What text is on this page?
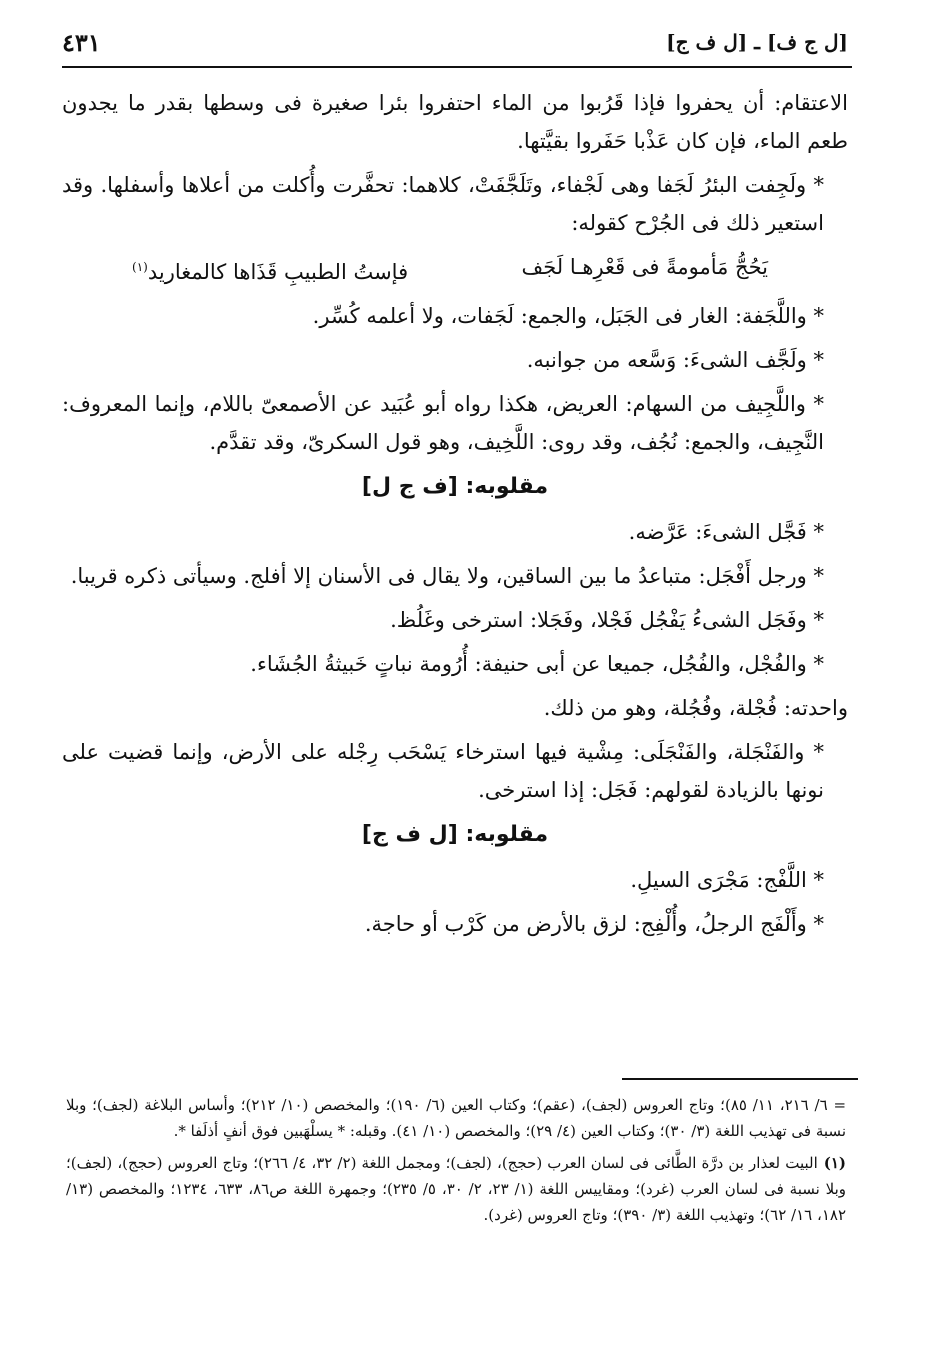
[ل ج ف] ـ [ل ف ج]
٤٣١

الاعتقام: أن يحفروا فإذا قَرُبوا من الماء احتفروا بئرا صغيرة فى وسطها بقدر ما يجدون طعم الماء، فإن كان عَذْبا حَفَروا بقيَّتها.

* ولَجِفت البئرُ لَجَفا وهى لَجْفاء، وتَلَجَّفَتْ، كلاهما: تحفَّرت وأُكلت من أعلاها وأسفلها. وقد استعير ذلك فى الجُرْح كقوله:

يَحُجُّ مَأمومةً فى قَعْرِهـا لَجَف
فإستُ الطبيبِ قَذَاها كالمغاريد$^{(١)}$

* واللَّجَفة: الغار فى الجَبَل، والجمع: لَجَفات، ولا أعلمه كُسِّر.

* ولَجَّف الشىءَ: وَسَّعه من جوانبه.

* واللَّجِيف من السهام: العريض، هكذا رواه أبو عُبَيد عن الأصمعىّ باللام، وإنما المعروف: النَّجِيف، والجمع: نُجُف، وقد روى: اللَّخِيف، وهو قول السكرىّ، وقد تقدَّم.

مقلوبه: [ف ج ل]

* فَجَّل الشىءَ: عَرَّضه.

* ورجل أَفْجَل: متباعدُ ما بين الساقين، ولا يقال فى الأسنان إلا أفلج. وسيأتى ذكره قريبا.

* وفَجَل الشىءُ يَفْجُل فَجْلا، وفَجَلا: استرخى وغَلُظ.

* والفُجْل، والفُجُل، جميعا عن أبى حنيفة: أُرُومة نباتٍ خَبيثةُ الجُشَاء.

واحدته: فُجْلة، وفُجُلة، وهو من ذلك.

* والفَنْجَلة، والفَنْجَلَى: مِشْية فيها استرخاء يَسْحَب رِجْله على الأرض، وإنما قضيت على نونها بالزيادة لقولهم: فَجَل: إذا استرخى.

مقلوبه: [ل ف ج]

* اللَّفْج: مَجْرَى السيلِ.

* وأَلْفَج الرجلُ، وأُلْفِج: لزق بالأرض من كَرْب أو حاجة.

= ٦/ ٢١٦، ١١/ ٨٥)؛ وتاج العروس (لجف)، (عقم)؛ وكتاب العين (٦/ ١٩٠)؛ والمخصص (١٠/ ٢١٢)؛ وأساس البلاغة (لجف)؛ وبلا نسبة فى تهذيب اللغة (٣/ ٣٠)؛ وكتاب العين (٤/ ٢٩)؛ والمخصص (١٠/ ٤١). وقبله: * يسلْهَبين فوق أنفٍ أذلَفا *.

(١)البيت لعذار بن درَّة الطَّائى فى لسان العرب (حجج)، (لجف)؛ ومجمل اللغة (٢/ ٣٢، ٤/ ٢٦٦)؛ وتاج العروس (حجج)، (لجف)؛ وبلا نسبة فى لسان العرب (غرد)؛ ومقاييس اللغة (١/ ٢٣، ٢/ ٣٠، ٥/ ٢٣٥)؛ وجمهرة اللغة ص٨٦، ٦٣٣، ١٢٣٤؛ والمخصص (١٣/ ١٨٢، ١٦/ ٦٢)؛ وتهذيب اللغة (٣/ ٣٩٠)؛ وتاج العروس (غرد).
